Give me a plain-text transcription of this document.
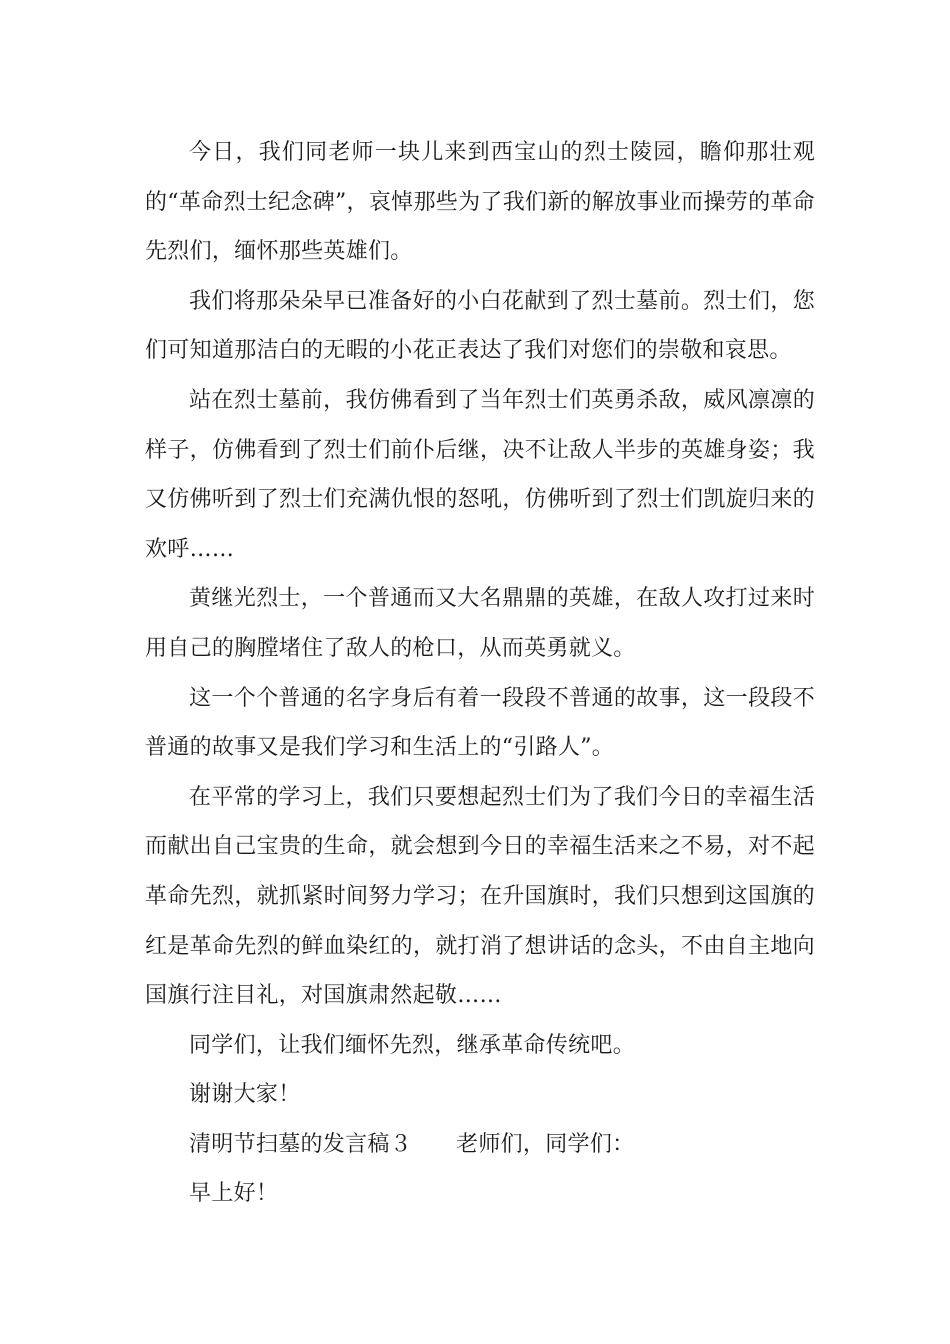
今日，我们同老师一块儿来到西宝山的烈士陵园，瞻仰那壮观的“革命烈士纪念碑”，哀悼那些为了我们新的解放事业而操劳的革命先烈们，缅怀那些英雄们。

我们将那朵朵早已准备好的小白花献到了烈士墓前。烈士们，您们可知道那洁白的无暇的小花正表达了我们对您们的崇敬和哀思。

站在烈士墓前，我仿佛看到了当年烈士们英勇杀敌，威风凛凛的样子，仿佛看到了烈士们前仆后继，决不让敌人半步的英雄身姿；我又仿佛听到了烈士们充满仇恨的怒吼，仿佛听到了烈士们凯旋归来的欢呼……

黄继光烈士，一个普通而又大名鼎鼎的英雄，在敌人攻打过来时用自己的胸膛堵住了敌人的枪口，从而英勇就义。

这一个个普通的名字身后有着一段段不普通的故事，这一段段不普通的故事又是我们学习和生活上的“引路人”。

在平常的学习上，我们只要想起烈士们为了我们今日的幸福生活而献出自己宝贵的生命，就会想到今日的幸福生活来之不易，对不起革命先烈，就抓紧时间努力学习；在升国旗时，我们只想到这国旗的红是革命先烈的鲜血染红的，就打消了想讲话的念头，不由自主地向国旗行注目礼，对国旗肃然起敬……

同学们，让我们缅怀先烈，继承革命传统吧。

谢谢大家！

清明节扫墓的发言稿３ 老师们，同学们：

早上好！
